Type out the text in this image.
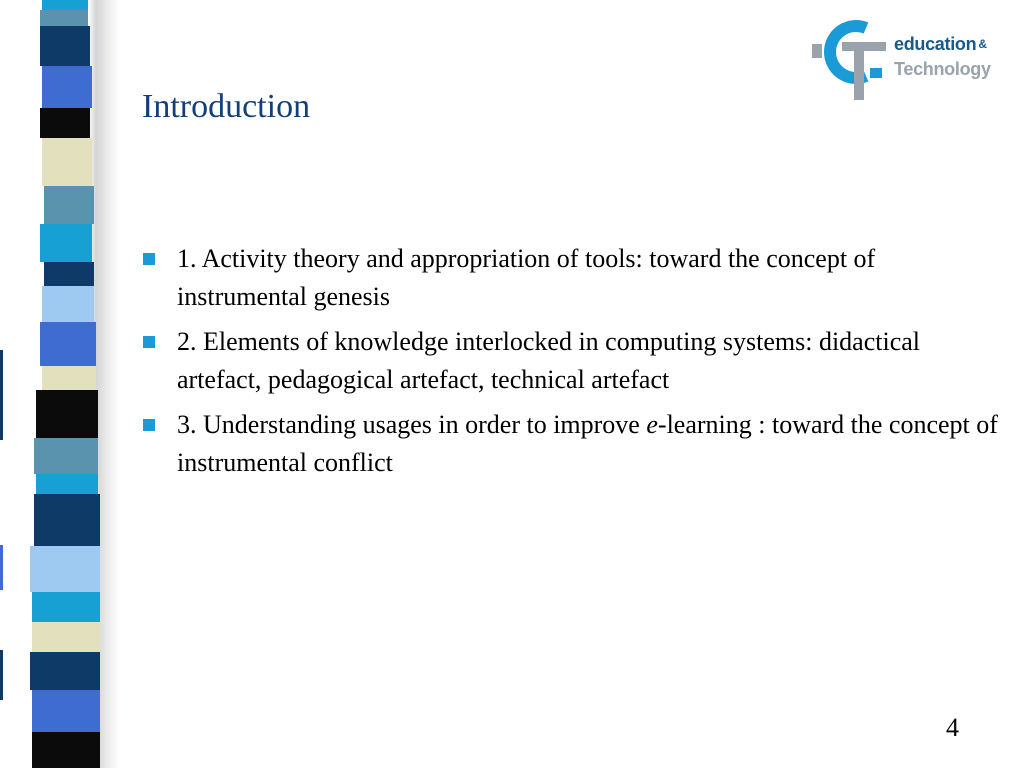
Introduction
education &
Technology
1. Activity theory and appropriation of tools: toward the concept of instrumental genesis
2. Elements of knowledge interlocked in computing systems: didactical artefact, pedagogical artefact, technical artefact
3. Understanding usages in order to improve e-learning : toward the concept of instrumental conflict
4
